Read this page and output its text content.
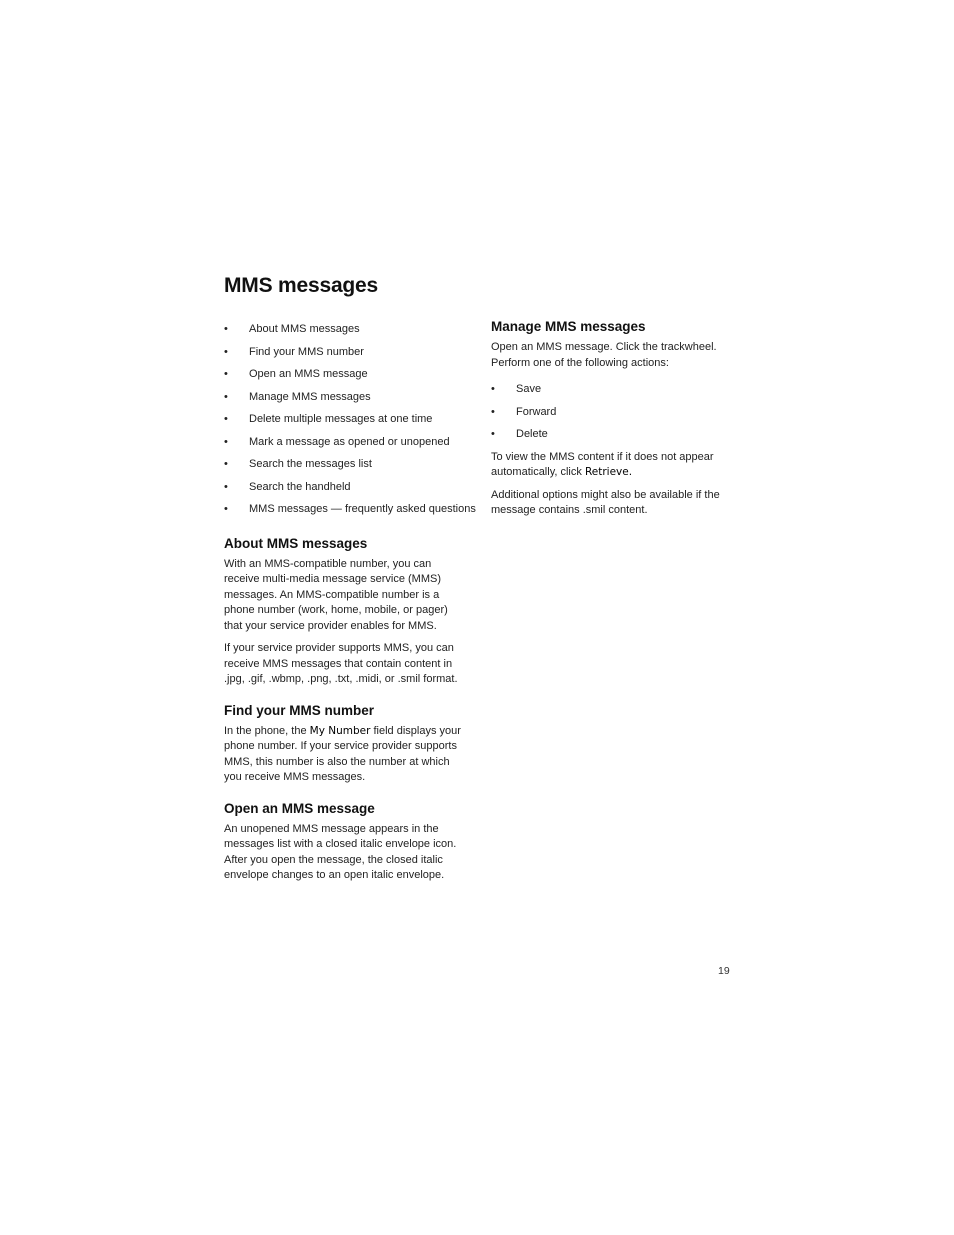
MMS messages
• About MMS messages
• Find your MMS number
• Open an MMS message
• Manage MMS messages
• Delete multiple messages at one time
• Mark a message as opened or unopened
• Search the messages list
• Search the handheld
• MMS messages — frequently asked questions
About MMS messages

With an MMS-compatible number, you can receive multi-media message service (MMS) messages. An MMS-compatible number is a phone number (work, home, mobile, or pager) that your service provider enables for MMS.

If your service provider supports MMS, you can receive MMS messages that contain content in .jpg, .gif, .wbmp, .png, .txt, .midi, or .smil format.

Find your MMS number

In the phone, the My Number field displays your phone number. If your service provider supports MMS, this number is also the number at which you receive MMS messages.

Open an MMS message

An unopened MMS message appears in the messages list with a closed italic envelope icon. After you open the message, the closed italic envelope changes to an open italic envelope.

Manage MMS messages

Open an MMS message. Click the trackwheel. Perform one of the following actions:

• Save
• Forward
• Delete

To view the MMS content if it does not appear automatically, click Retrieve.

Additional options might also be available if the message contains .smil content.

19
